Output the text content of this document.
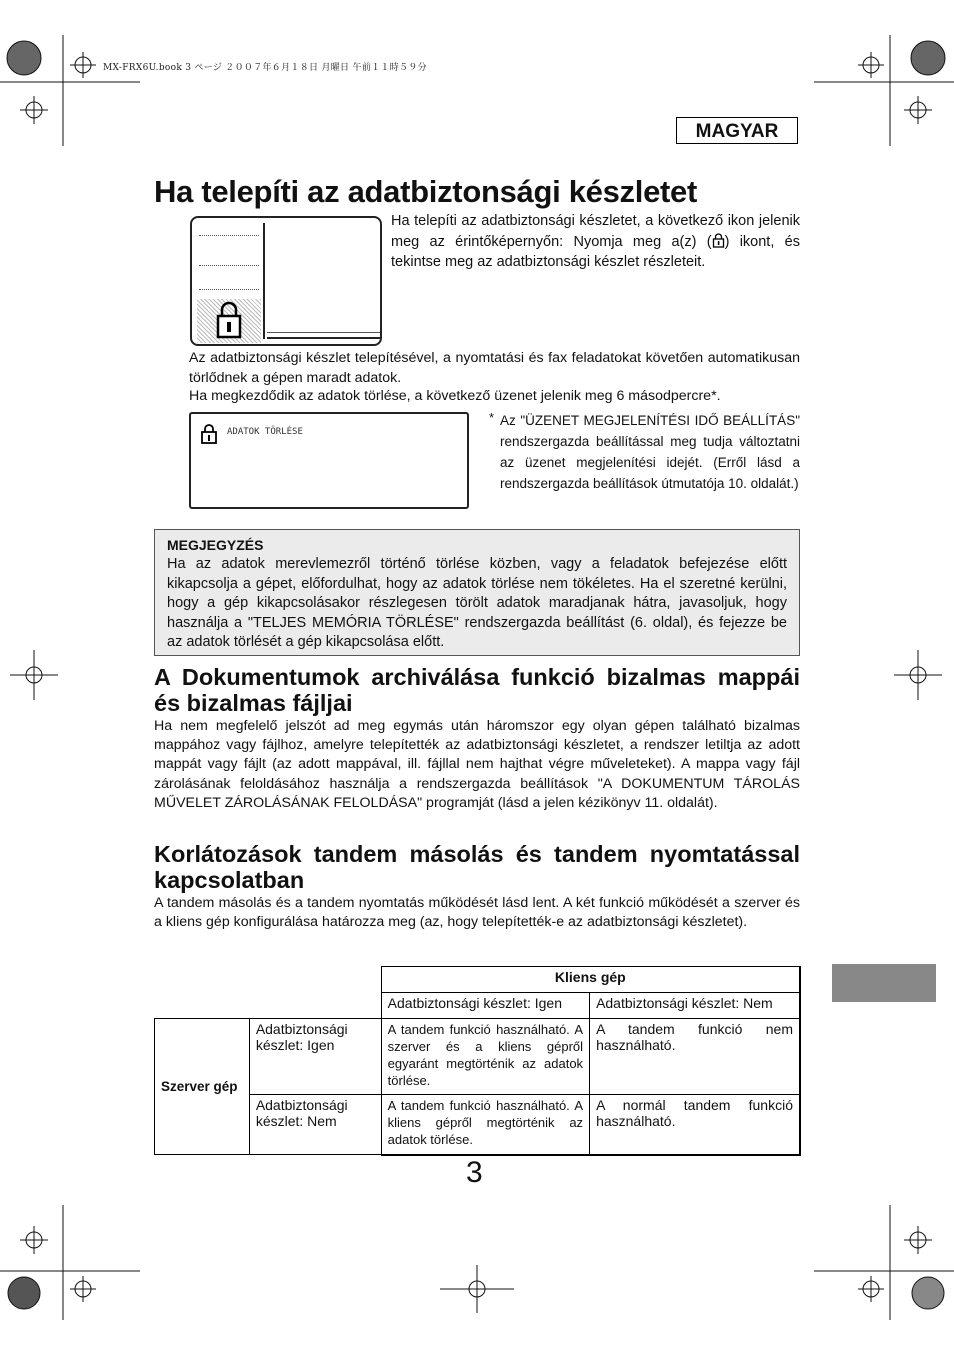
MX-FRX6U.book 3 ページ ２００７年６月１８日 月曜日 午前１１時５９分
MAGYAR
Ha telepíti az adatbiztonsági készletet
Ha telepíti az adatbiztonsági készletet, a következő ikon jelenik meg az érintőképernyőn: Nyomja meg a(z) ( ) ikont, és tekintse meg az adatbiztonsági készlet részleteit.
Az adatbiztonsági készlet telepítésével, a nyomtatási és fax feladatokat követően automatikusan törlődnek a gépen maradt adatok.
Ha megkezdődik az adatok törlése, a következő üzenet jelenik meg 6 másodpercre*.
ADATOK TÖRLÉSE
* Az "ÜZENET MEGJELENÍTÉSI IDŐ BEÁLLÍTÁS" rendszergazda beállítással meg tudja változtatni az üzenet megjelenítési idejét. (Erről lásd a rendszergazda beállítások útmutatója 10. oldalát.)
MEGJEGYZÉS
Ha az adatok merevlemezről történő törlése közben, vagy a feladatok befejezése előtt kikapcsolja a gépet, előfordulhat, hogy az adatok törlése nem tökéletes. Ha el szeretné kerülni, hogy a gép kikapcsolásakor részlegesen törölt adatok maradjanak hátra, javasoljuk, hogy használja a "TELJES MEMÓRIA TÖRLÉSE" rendszergazda beállítást (6. oldal), és fejezze be az adatok törlését a gép kikapcsolása előtt.
A Dokumentumok archiválása funkció bizalmas mappái és bizalmas fájljai
Ha nem megfelelő jelszót ad meg egymás után háromszor egy olyan gépen található bizalmas mappához vagy fájlhoz, amelyre telepítették az adatbiztonsági készletet, a rendszer letiltja az adott mappát vagy fájlt (az adott mappával, ill. fájllal nem hajthat végre műveleteket). A mappa vagy fájl zárolásának feloldásához használja a rendszergazda beállítások "A DOKUMENTUM TÁROLÁS MŰVELET ZÁROLÁSÁNAK FELOLDÁSA" programját (lásd a jelen kézikönyv 11. oldalát).
Korlátozások tandem másolás és tandem nyomtatással kapcsolatban
A tandem másolás és a tandem nyomtatás működését lásd lent. A két funkció működését a szerver és a kliens gép konfigurálása határozza meg (az, hogy telepítették-e az adatbiztonsági készletet).
		Kliens gép	
		Adatbiztonsági készlet: Igen	Adatbiztonsági készlet: Nem
Szerver gép	Adatbiztonsági készlet: Igen	A tandem funkció használható. A szerver és a kliens gépről egyaránt megtörténik az adatok törlése.	A tandem funkció nem használható.
	Adatbiztonsági készlet: Nem	A tandem funkció használható. A kliens gépről megtörténik az adatok törlése.	A normál tandem funkció használható.
3
